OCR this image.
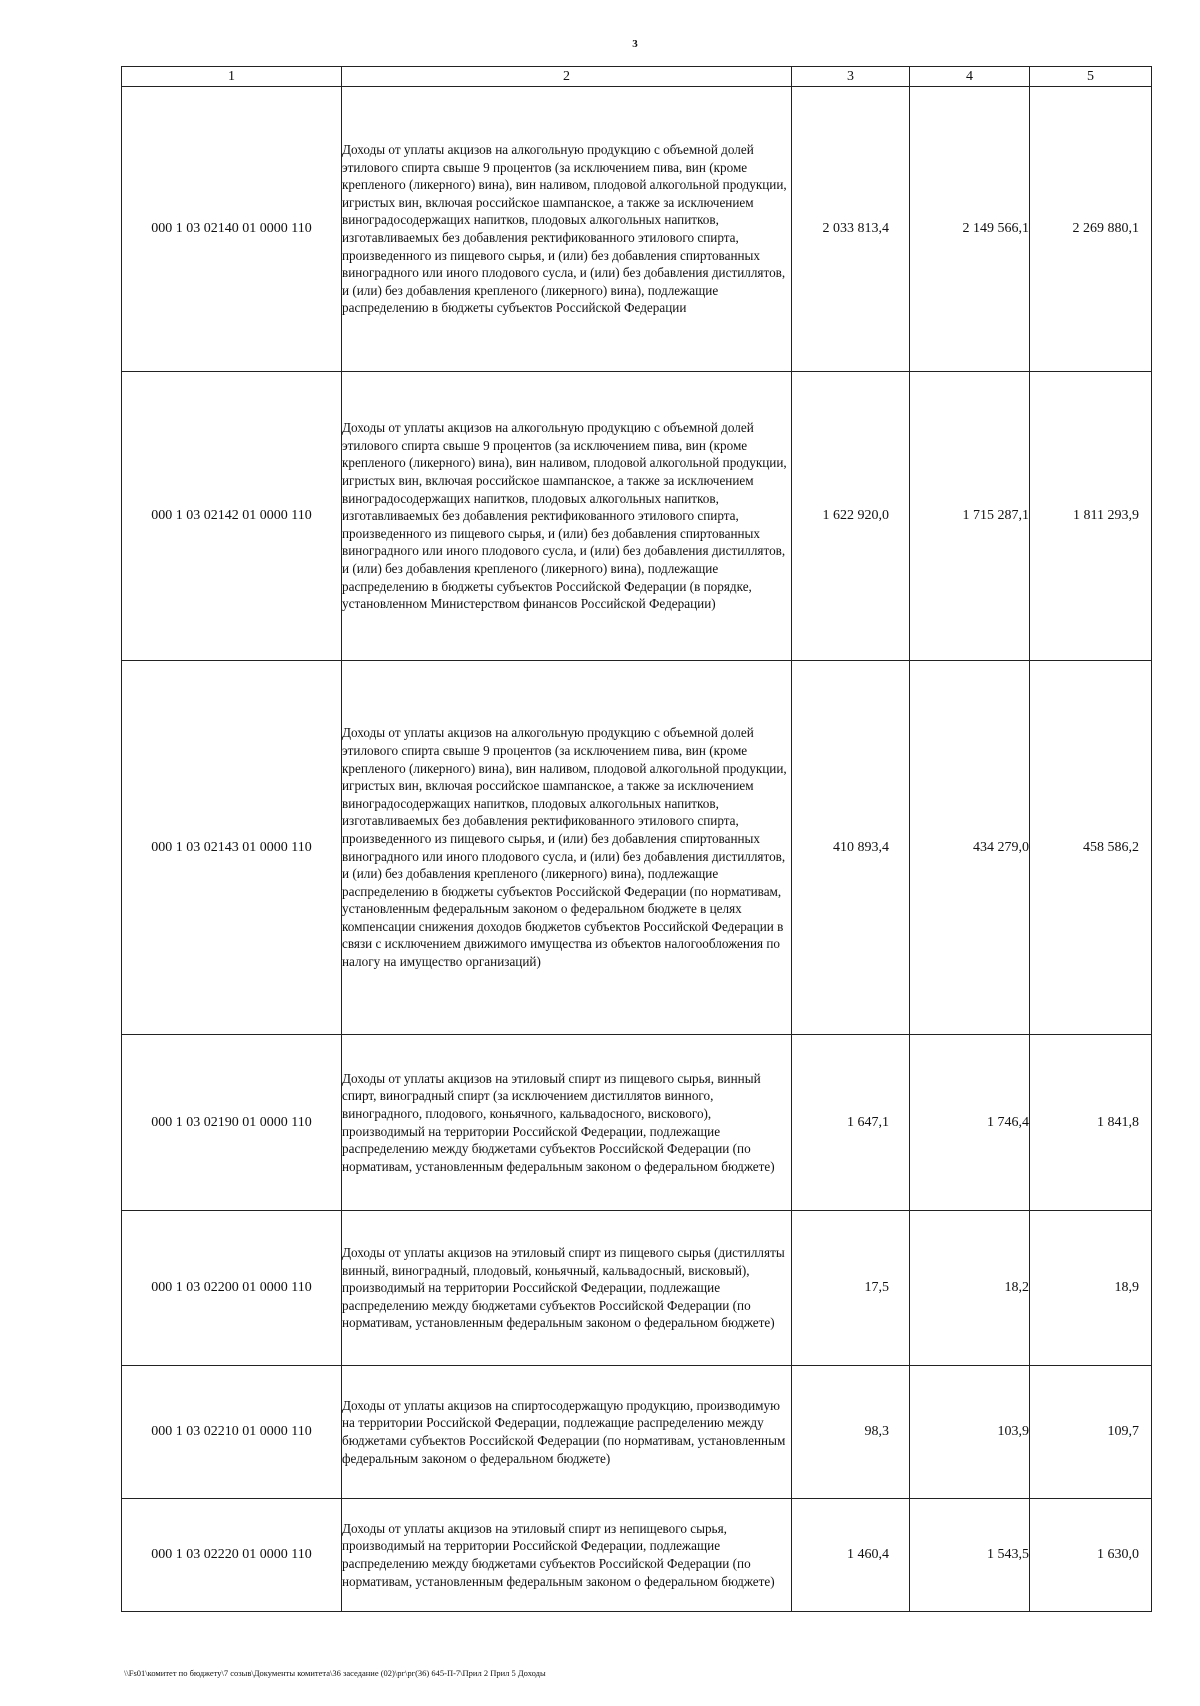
3
1	2	3	4	5
000 1 03 02140 01 0000 110	Доходы от уплаты акцизов на алкогольную продукцию с объемной долей этилового спирта свыше 9 процентов (за исключением пива, вин (кроме крепленого (ликерного) вина), вин наливом, плодовой алкогольной продукции, игристых вин, включая российское шампанское, а также за исключением виноградосодержащих напитков, плодовых алкогольных напитков, изготавливаемых без добавления ректификованного этилового спирта, произведенного из пищевого сырья, и (или) без добавления спиртованных виноградного или иного плодового сусла, и (или) без добавления дистиллятов, и (или) без добавления крепленого (ликерного) вина), подлежащие распределению в бюджеты субъектов Российской Федерации	2 033 813,4	2 149 566,1	2 269 880,1
000 1 03 02142 01 0000 110	Доходы от уплаты акцизов на алкогольную продукцию с объемной долей этилового спирта свыше 9 процентов (за исключением пива, вин (кроме крепленого (ликерного) вина), вин наливом, плодовой алкогольной продукции, игристых вин, включая российское шампанское, а также за исключением виноградосодержащих напитков, плодовых алкогольных напитков, изготавливаемых без добавления ректификованного этилового спирта, произведенного из пищевого сырья, и (или) без добавления спиртованных виноградного или иного плодового сусла, и (или) без добавления дистиллятов, и (или) без добавления крепленого (ликерного) вина), подлежащие распределению в бюджеты субъектов Российской Федерации (в порядке, установленном Министерством финансов Российской Федерации)	1 622 920,0	1 715 287,1	1 811 293,9
000 1 03 02143 01 0000 110	Доходы от уплаты акцизов на алкогольную продукцию с объемной долей этилового спирта свыше 9 процентов (за исключением пива, вин (кроме крепленого (ликерного) вина), вин наливом, плодовой алкогольной продукции, игристых вин, включая российское шампанское, а также за исключением виноградосодержащих напитков, плодовых алкогольных напитков, изготавливаемых без добавления ректификованного этилового спирта, произведенного из пищевого сырья, и (или) без добавления спиртованных виноградного или иного плодового сусла, и (или) без добавления дистиллятов, и (или) без добавления крепленого (ликерного) вина), подлежащие распределению в бюджеты субъектов Российской Федерации (по нормативам, установленным федеральным законом о федеральном бюджете в целях компенсации снижения доходов бюджетов субъектов Российской Федерации в связи с исключением движимого имущества из объектов налогообложения по налогу на имущество организаций)	410 893,4	434 279,0	458 586,2
000 1 03 02190 01 0000 110	Доходы от уплаты акцизов на этиловый спирт из пищевого сырья, винный спирт, виноградный спирт (за исключением дистиллятов винного, виноградного, плодового, коньячного, кальвадосного, вискового), производимый на территории Российской Федерации, подлежащие распределению между бюджетами субъектов Российской Федерации (по нормативам, установленным федеральным законом о федеральном бюджете)	1 647,1	1 746,4	1 841,8
000 1 03 02200 01 0000 110	Доходы от уплаты акцизов на этиловый спирт из пищевого сырья (дистилляты винный, виноградный, плодовый, коньячный, кальвадосный, висковый), производимый на территории Российской Федерации, подлежащие распределению между бюджетами субъектов Российской Федерации (по нормативам, установленным федеральным законом о федеральном бюджете)	17,5	18,2	18,9
000 1 03 02210 01 0000 110	Доходы от уплаты акцизов на спиртосодержащую продукцию, производимую на территории Российской Федерации, подлежащие распределению между бюджетами субъектов Российской Федерации (по нормативам, установленным федеральным законом о федеральном бюджете)	98,3	103,9	109,7
000 1 03 02220 01 0000 110	Доходы от уплаты акцизов на этиловый спирт из непищевого сырья, производимый на территории Российской Федерации, подлежащие распределению между бюджетами субъектов Российской Федерации (по нормативам, установленным федеральным законом о федеральном бюджете)	1 460,4	1 543,5	1 630,0
\\Fs01\комитет по бюджету\7 созыв\Документы комитета\36 заседание (02)\рг\рг(36) 645-П-7\Прил 2 Прил 5 Доходы
